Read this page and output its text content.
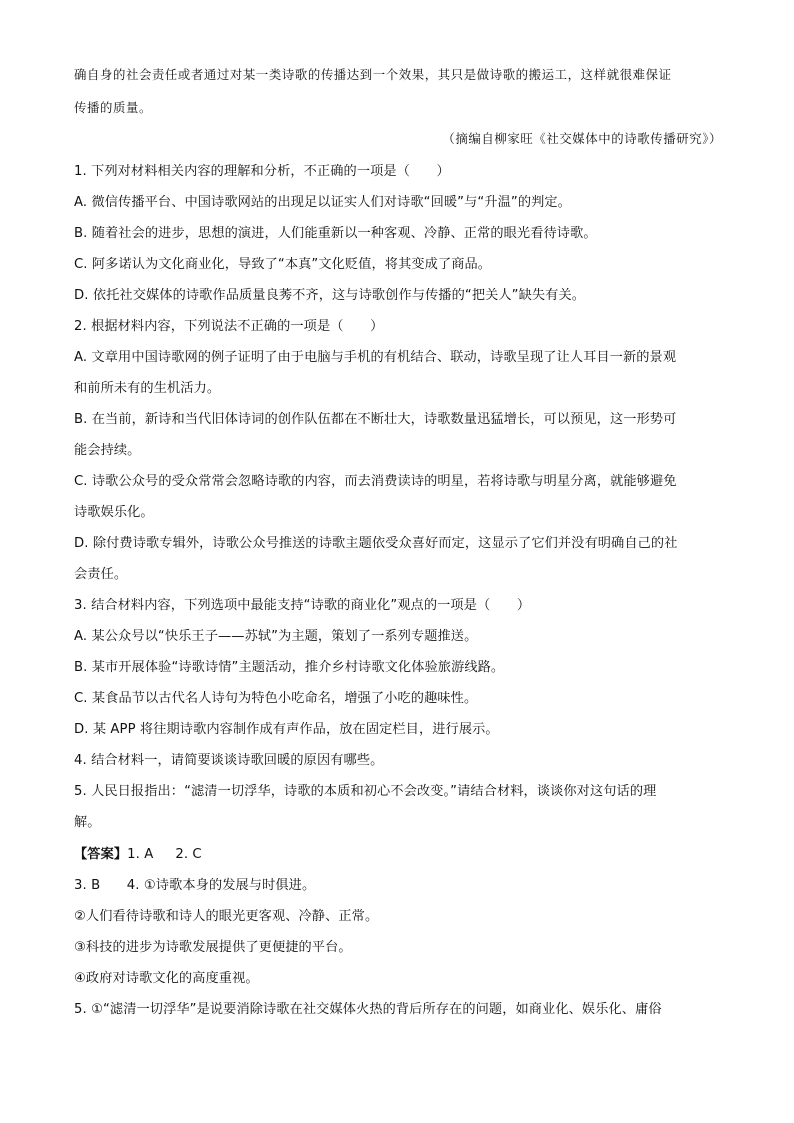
确自身的社会责任或者通过对某一类诗歌的传播达到一个效果，其只是做诗歌的搬运工，这样就很难保证
传播的质量。
（摘编自柳家旺《社交媒体中的诗歌传播研究》）
1. 下列对材料相关内容的理解和分析，不正确的一项是（　　）
A. 微信传播平台、中国诗歌网站的出现足以证实人们对诗歌“回暖”与“升温”的判定。
B. 随着社会的进步，思想的演进，人们能重新以一种客观、冷静、正常的眼光看待诗歌。
C. 阿多诺认为文化商业化，导致了“本真”文化贬值，将其变成了商品。
D. 依托社交媒体的诗歌作品质量良莠不齐，这与诗歌创作与传播的“把关人”缺失有关。
2. 根据材料内容，下列说法不正确的一项是（　　）
A. 文章用中国诗歌网的例子证明了由于电脑与手机的有机结合、联动，诗歌呈现了让人耳目一新的景观
和前所未有的生机活力。
B. 在当前，新诗和当代旧体诗词的创作队伍都在不断壮大，诗歌数量迅猛增长，可以预见，这一形势可
能会持续。
C. 诗歌公众号的受众常常会忽略诗歌的内容，而去消费读诗的明星，若将诗歌与明星分离，就能够避免
诗歌娱乐化。
D. 除付费诗歌专辑外，诗歌公众号推送的诗歌主题依受众喜好而定，这显示了它们并没有明确自己的社
会责任。
3. 结合材料内容，下列选项中最能支持“诗歌的商业化”观点的一项是（　　）
A. 某公众号以“快乐王子——苏轼”为主题，策划了一系列专题推送。
B. 某市开展体验“诗歌诗情”主题活动，推介乡村诗歌文化体验旅游线路。
C. 某食品节以古代名人诗句为特色小吃命名，增强了小吃的趣味性。
D. 某 APP 将往期诗歌内容制作成有声作品，放在固定栏目，进行展示。
4. 结合材料一，请简要谈谈诗歌回暖的原因有哪些。
5. 人民日报指出：“滤清一切浮华，诗歌的本质和初心不会改变。”请结合材料，谈谈你对这句话的理
解。
【答案】1. A 2. C
3. B　　4. ①诗歌本身的发展与时俱进。
②人们看待诗歌和诗人的眼光更客观、冷静、正常。
③科技的进步为诗歌发展提供了更便捷的平台。
④政府对诗歌文化的高度重视。
5. ①“滤清一切浮华”是说要消除诗歌在社交媒体火热的背后所存在的问题，如商业化、娱乐化、庸俗
